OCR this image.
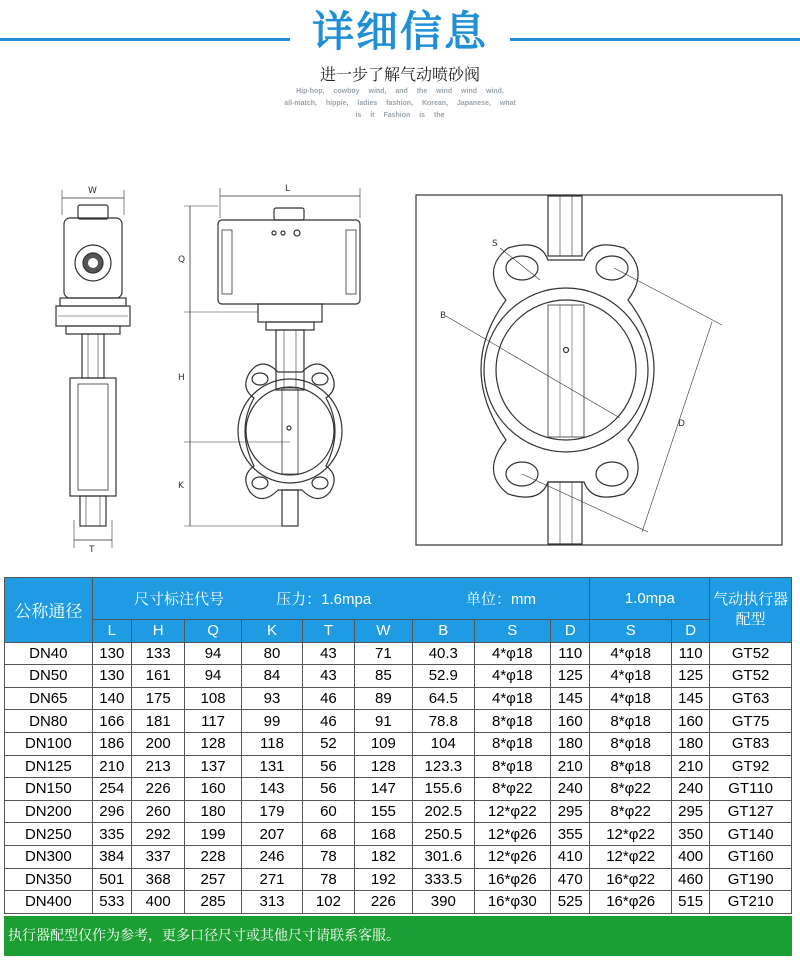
详细信息
进一步了解气动喷砂阀
Hip-hop, cowboy wind, and the wind wind wind,
all-match, hippie, ladies fashion, Korean, Japanese, what
is it Fashion is the
W
T
L
Q
H
K
S
B
D
公称通径	尺寸标注代号 压力：1.6mpa						单位：mm			1.0mpa		气动执行器配型
	L	H	Q	K	T	W	B	S	D	S	D	
DN40	130	133	94	80	43	71	40.3	4*φ18	110	4*φ18	110	GT52
DN50	130	161	94	84	43	85	52.9	4*φ18	125	4*φ18	125	GT52
DN65	140	175	108	93	46	89	64.5	4*φ18	145	4*φ18	145	GT63
DN80	166	181	117	99	46	91	78.8	8*φ18	160	8*φ18	160	GT75
DN100	186	200	128	118	52	109	104	8*φ18	180	8*φ18	180	GT83
DN125	210	213	137	131	56	128	123.3	8*φ18	210	8*φ18	210	GT92
DN150	254	226	160	143	56	147	155.6	8*φ22	240	8*φ22	240	GT110
DN200	296	260	180	179	60	155	202.5	12*φ22	295	8*φ22	295	GT127
DN250	335	292	199	207	68	168	250.5	12*φ26	355	12*φ22	350	GT140
DN300	384	337	228	246	78	182	301.6	12*φ26	410	12*φ22	400	GT160
DN350	501	368	257	271	78	192	333.5	16*φ26	470	16*φ22	460	GT190
DN400	533	400	285	313	102	226	390	16*φ30	525	16*φ26	515	GT210
执行器配型仅作为参考，更多口径尺寸或其他尺寸请联系客服。
